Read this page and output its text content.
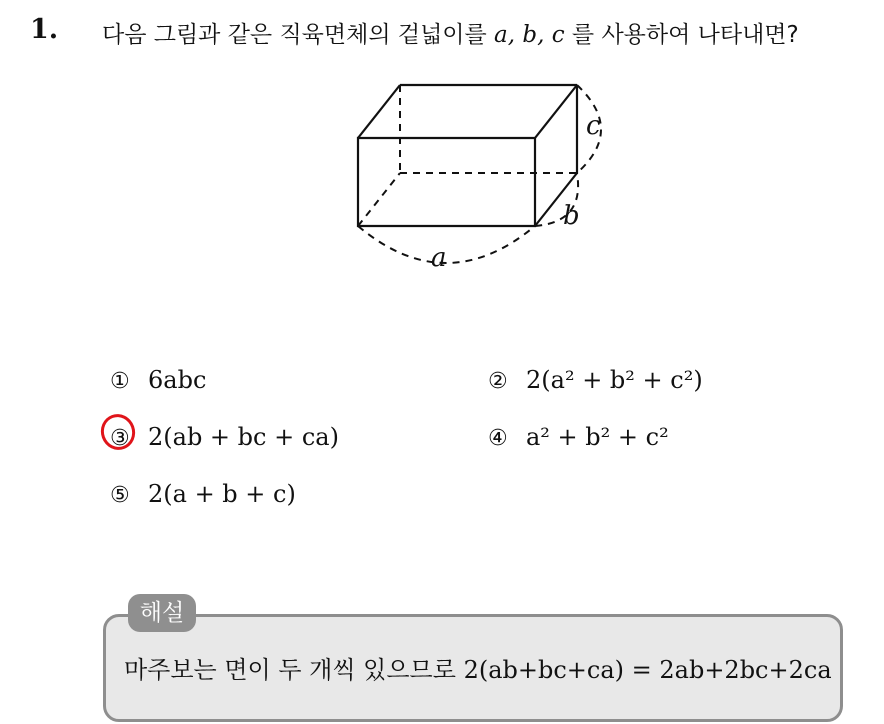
1. 다음 그림과 같은 직육면체의 겉넓이를 a, b, c 를 사용하여 나타내면?
a
b
c
① 6abc	② 2(a² + b² + c²)
③ 2(ab + bc + ca)	④ a² + b² + c²
⑤ 2(a + b + c)
해설
마주보는 면이 두 개씩 있으므로 2(ab+bc+ca) = 2ab+2bc+2ca
